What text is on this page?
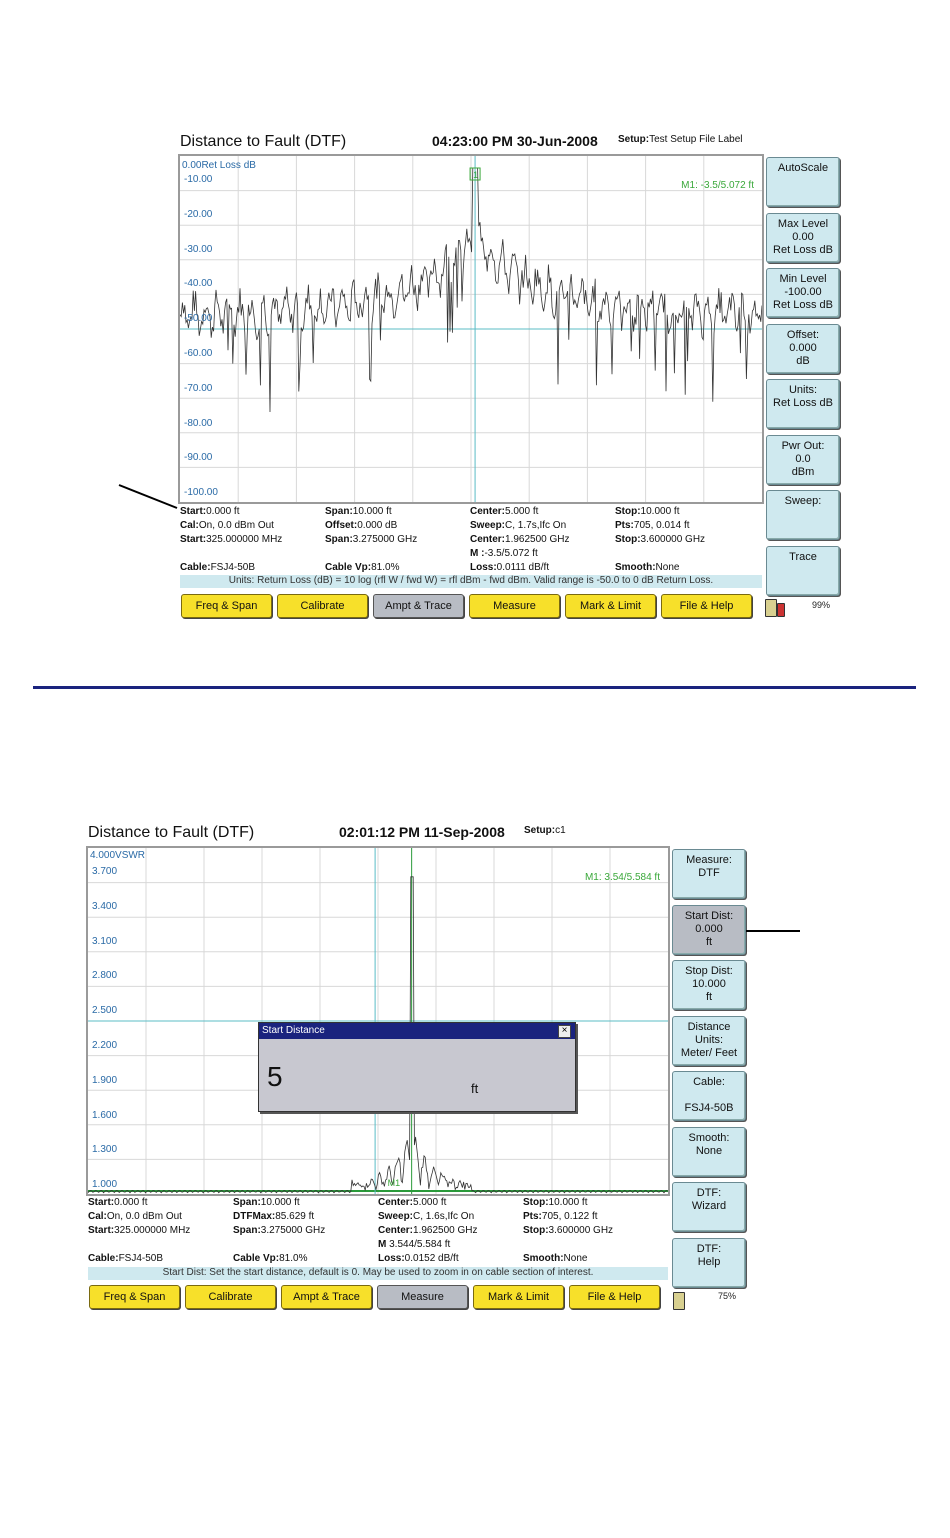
Distance to Fault (DTF)	04:23:00 PM 30-Jun-2008 Setup:Test Setup File Label
1
0.00Ret Loss dB
-10.00
-20.00
-30.00
-40.00
-50.00
-60.00
-70.00
-80.00
-90.00
-100.00
M1: -3.5/5.072 ft
AutoScale
Max Level
0.00
Ret Loss dB
Min Level
-100.00
Ret Loss dB
Offset:
0.000
dB
Units:
Ret Loss dB
Pwr Out:
0.0
dBm
Sweep:
Trace
Start:0.000 ft	Span:10.000 ft	Center:5.000 ft	Stop:10.000 ft
Cal:On, 0.0 dBm Out	Offset:0.000 dB	Sweep:C, 1.7s,Ifc On	Pts:705, 0.014 ft
Start:325.000000 MHz	Span:3.275000 GHz	Center:1.962500 GHz	Stop:3.600000 GHz
M :-3.5/5.072 ft
Cable:FSJ4-50B	Cable Vp:81.0%	Loss:0.0111 dB/ft	Smooth:None
Units: Return Loss (dB) = 10 log (rfl W / fwd W) = rfl dBm - fwd dBm. Valid range is -50.0 to 0 dB Return Loss.
Freq & Span	Calibrate	Ampt & Trace	Measure	Mark & Limit	File & Help	99%
Distance to Fault (DTF)	02:01:12 PM 11-Sep-2008 Setup:c1
M1
4.000VSWR
3.700
3.400
3.100
2.800
2.500
2.200
1.900
1.600
1.300
1.000
M1: 3.54/5.584 ft
Start Distance	×
5	ft
Measure:
DTF
Start Dist:
0.000
ft
Stop Dist:
10.000
ft
Distance
Units:
Meter/ Feet
Cable:

FSJ4-50B
Smooth:
None
DTF:
Wizard
DTF:
Help
Start:0.000 ft	Span:10.000 ft	Center:5.000 ft	Stop:10.000 ft
Cal:On, 0.0 dBm Out	DTFMax:85.629 ft	Sweep:C, 1.6s,Ifc On	Pts:705, 0.122 ft
Start:325.000000 MHz	Span:3.275000 GHz	Center:1.962500 GHz	Stop:3.600000 GHz
M 3.544/5.584 ft
Cable:FSJ4-50B	Cable Vp:81.0%	Loss:0.0152 dB/ft	Smooth:None
Start Dist: Set the start distance, default is 0. May be used to zoom in on cable section of interest.
Freq & Span	Calibrate	Ampt & Trace	Measure	Mark & Limit	File & Help	75%
